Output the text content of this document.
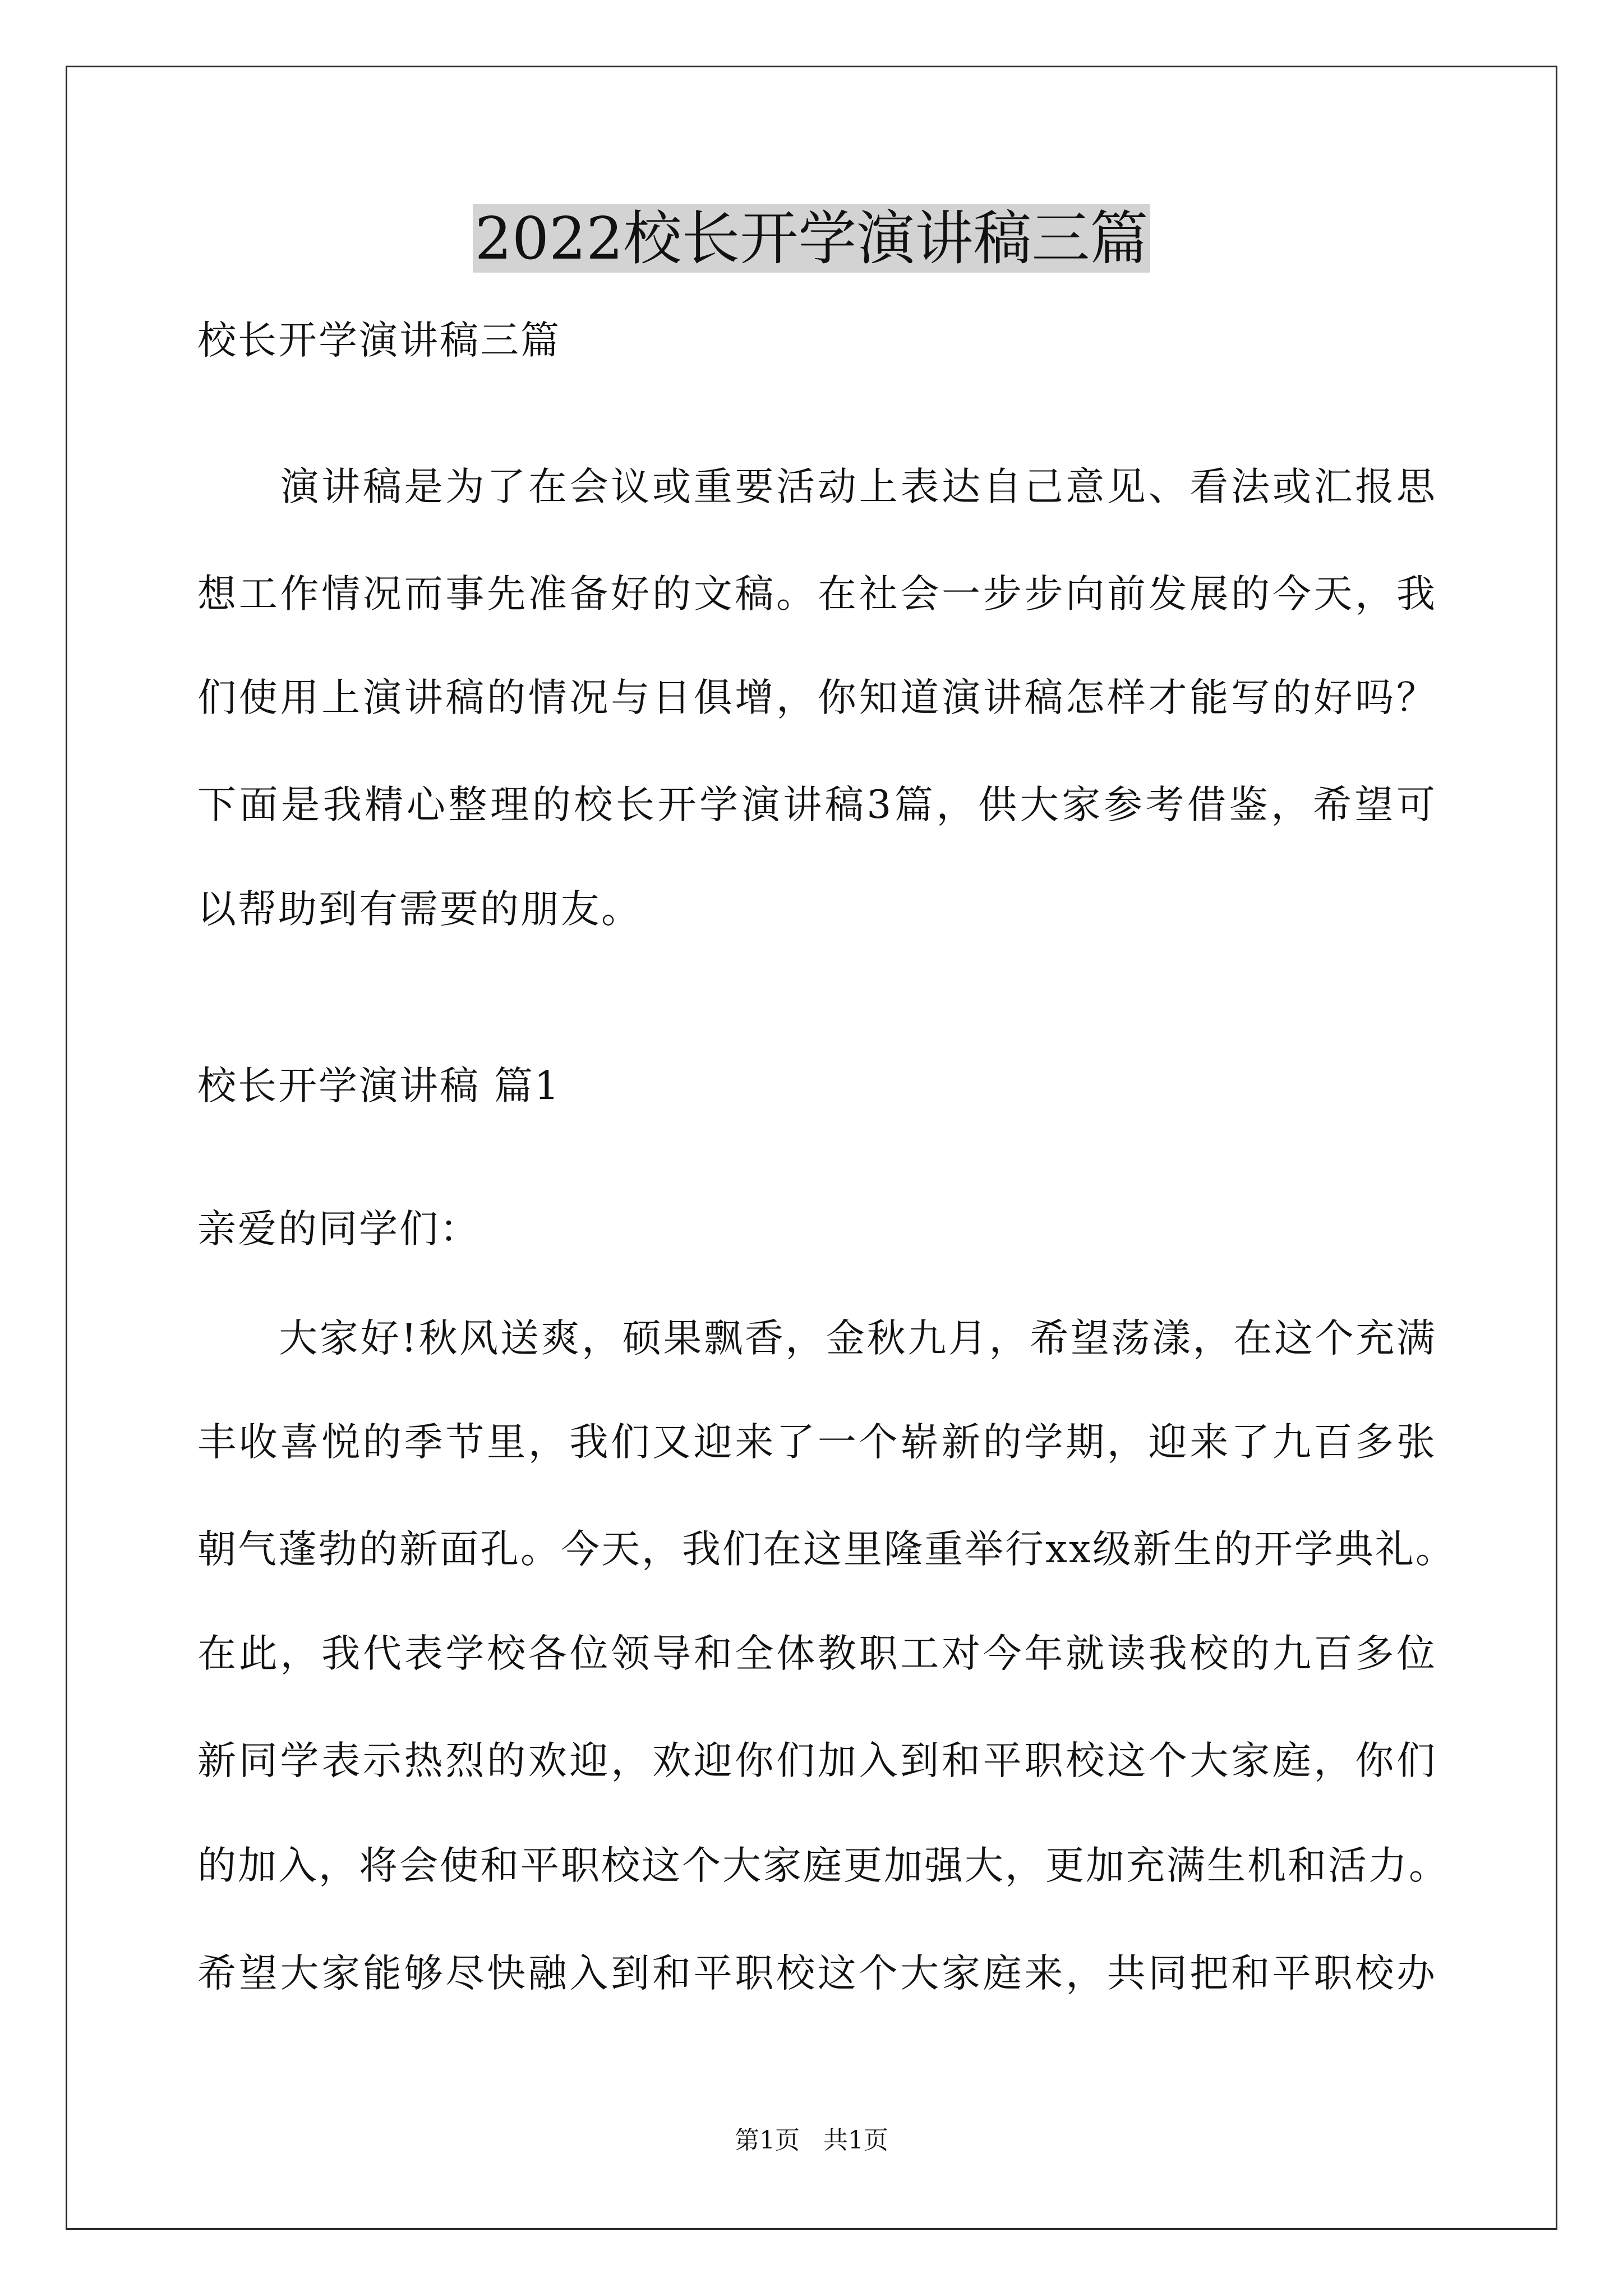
2022校长开学演讲稿三篇
校长开学演讲稿三篇
　　演讲稿是为了在会议或重要活动上表达自己意见、看法或汇报思
想工作情况而事先准备好的文稿。在社会一步步向前发展的今天，我
们使用上演讲稿的情况与日俱增，你知道演讲稿怎样才能写的好吗？
下面是我精心整理的校长开学演讲稿3篇，供大家参考借鉴，希望可
以帮助到有需要的朋友。
校长开学演讲稿 篇1
亲爱的同学们：
　　大家好!秋风送爽，硕果飘香，金秋九月，希望荡漾，在这个充满
丰收喜悦的季节里，我们又迎来了一个崭新的学期，迎来了九百多张
朝气蓬勃的新面孔。今天，我们在这里隆重举行xx级新生的开学典礼。
在此，我代表学校各位领导和全体教职工对今年就读我校的九百多位
新同学表示热烈的欢迎，欢迎你们加入到和平职校这个大家庭，你们
的加入，将会使和平职校这个大家庭更加强大，更加充满生机和活力。
希望大家能够尽快融入到和平职校这个大家庭来，共同把和平职校办
第1页 共1页
